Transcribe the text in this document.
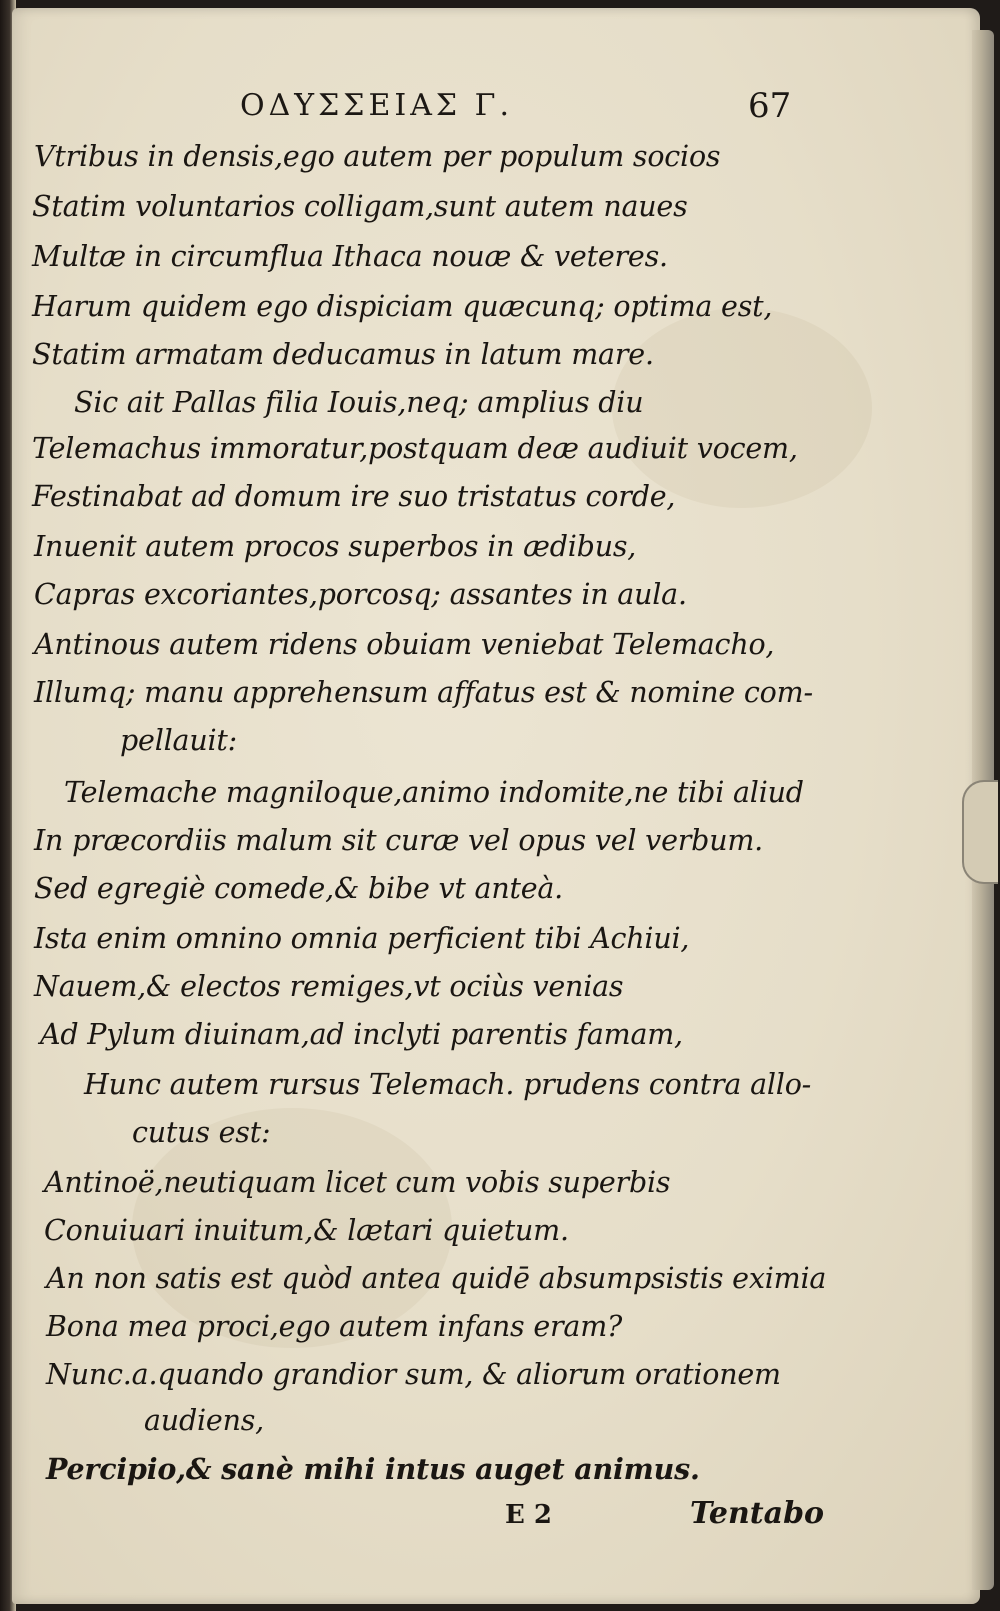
ΟΔΥΣΣΕΙΑΣ Γ.	67
Vtribus in densis,ego autem per populum socios
Statim voluntarios colligam,sunt autem naues
Multæ in circumflua Ithaca nouæ & veteres.
Harum quidem ego dispiciam quæcunq; optima est,
Statim armatam deducamus in latum mare.
Sic ait Pallas filia Iouis,neq; amplius diu
Telemachus immoratur,postquam deæ audiuit vocem,
Festinabat ad domum ire suo tristatus corde,
Inuenit autem procos superbos in ædibus,
Capras excoriantes,porcosq; assantes in aula.
Antinous autem ridens obuiam veniebat Telemacho,
Illumq; manu apprehensum affatus est & nomine com-
pellauit:
Telemache magniloque,animo indomite,ne tibi aliud
In præcordiis malum sit curæ vel opus vel verbum.
Sed egregiè comede,& bibe vt anteà.
Ista enim omnino omnia perficient tibi Achiui,
Nauem,& electos remiges,vt ociùs venias
Ad Pylum diuinam,ad inclyti parentis famam,
Hunc autem rursus Telemach. prudens contra allo-
cutus est:
Antinoë,neutiquam licet cum vobis superbis
Conuiuari inuitum,& lætari quietum.
An non satis est quòd antea quidē absumpsistis eximia
Bona mea proci,ego autem infans eram?
Nunc.a.quando grandior sum, & aliorum orationem
audiens,
Percipio,& sanè mihi intus auget animus.
E 2	Tentabo
